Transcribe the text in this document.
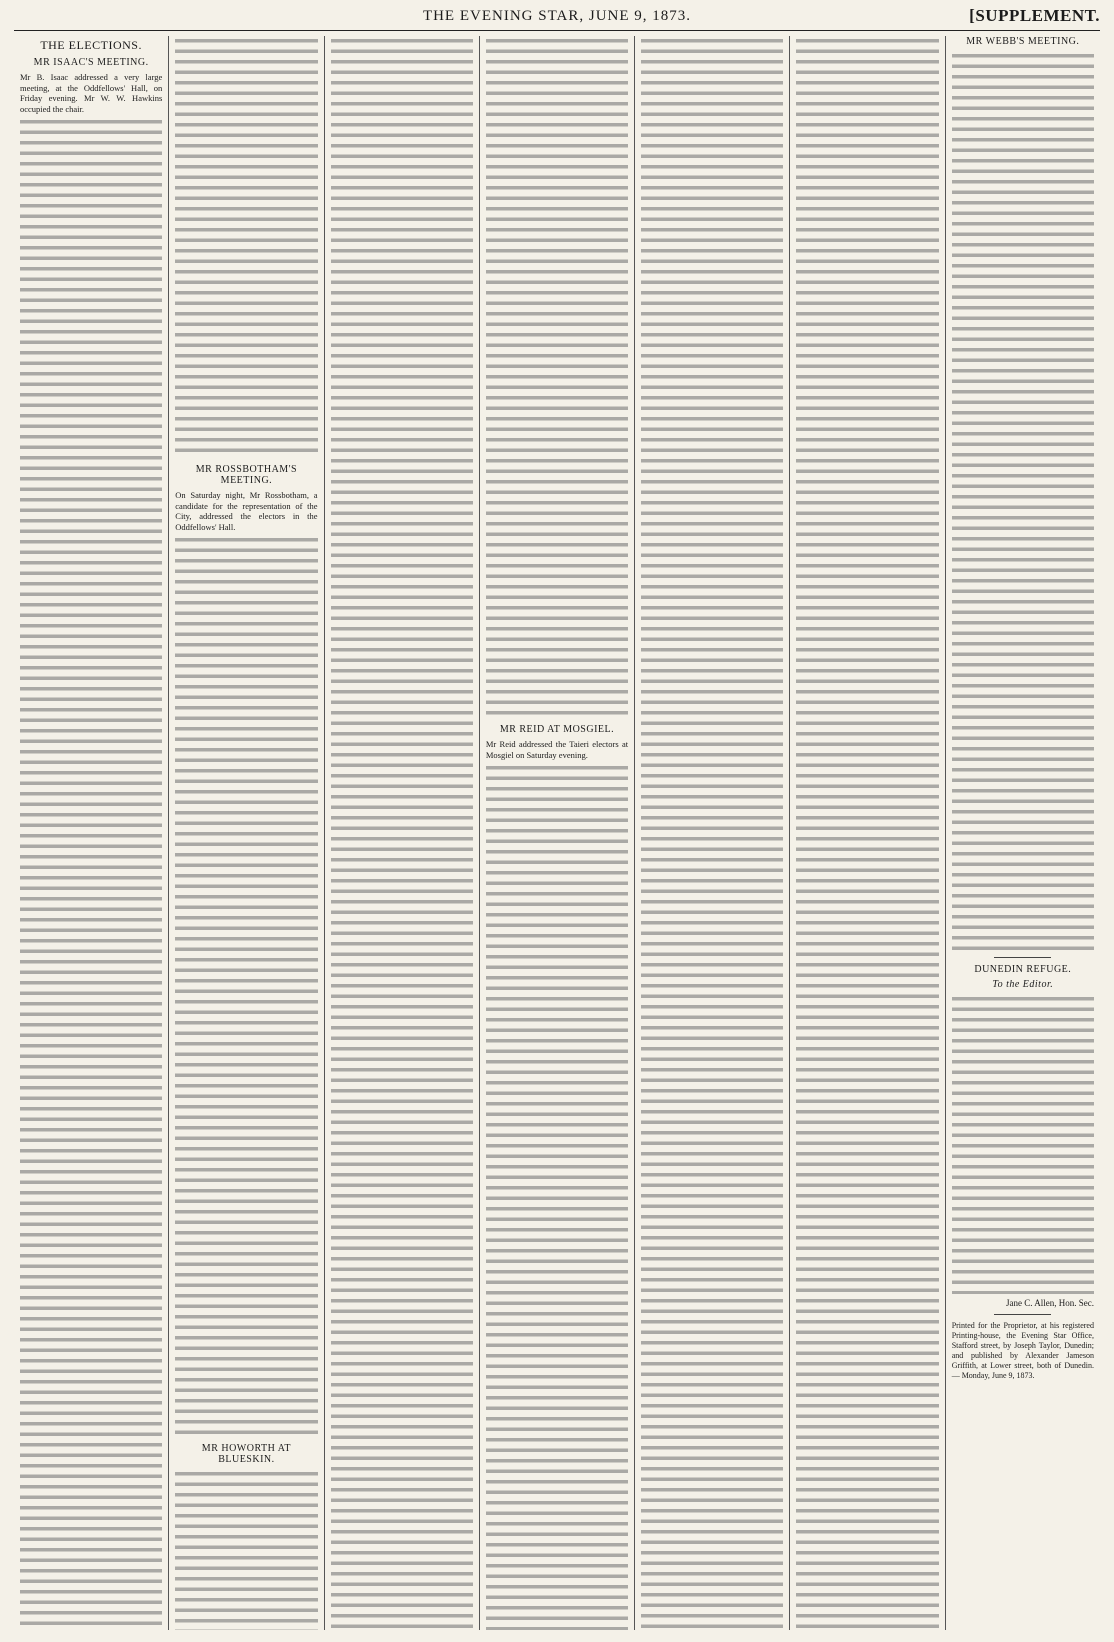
THE EVENING STAR, JUNE 9, 1873.	[SUPPLEMENT.
THE ELECTIONS.
MR ISAAC'S MEETING.

Mr B. Isaac addressed a very large meeting, at the Oddfellows' Hall, on Friday evening. Mr W. W. Hawkins occupied the chair.

MR ROSSBOTHAM'S MEETING.

On Saturday night, Mr Rossbotham, a candidate for the representation of the City, addressed the electors in the Oddfellows' Hall.

MR HOWORTH AT BLUESKIN.
MR REID AT MOSGIEL.

Mr Reid addressed the Taieri electors at Mosgiel on Saturday evening.

MR WEBB'S MEETING.
DUNEDIN REFUGE.
To the Editor.
Jane C. Allen, Hon. Sec.
Printed for the Proprietor, at his registered Printing-house, the Evening Star Office, Stafford street, by Joseph Taylor, Dunedin; and published by Alexander Jameson Griffith, at Lower street, both of Dunedin. — Monday, June 9, 1873.
